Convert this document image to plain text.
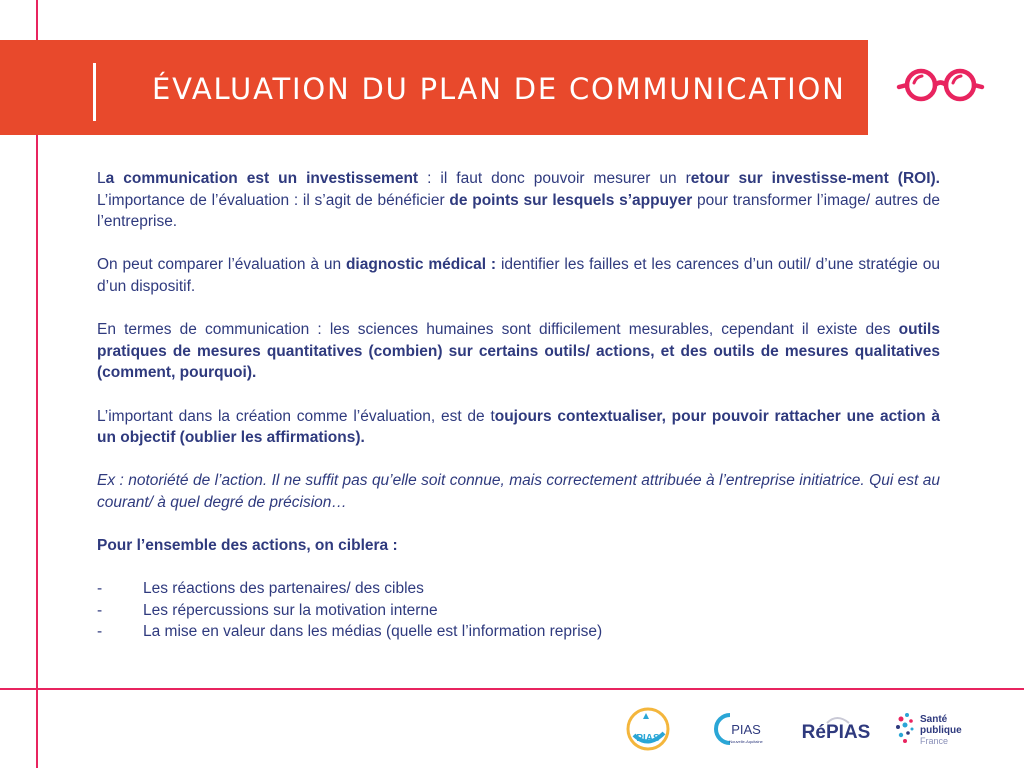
ÉVALUATION DU PLAN DE COMMUNICATION

La communication est un investissement : il faut donc pouvoir mesurer un retour sur investisse-ment (ROI). L’importance de l’évaluation : il s’agit de bénéficier de points sur lesquels s’appuyer pour transformer l’image/ autres de l’entreprise.

On peut comparer l’évaluation à un diagnostic médical : identifier les failles et les carences d’un outil/ d’une stratégie ou d’un dispositif.

En termes de communication : les sciences humaines sont difficilement mesurables, cependant il existe des outils pratiques de mesures quantitatives (combien) sur certains outils/ actions, et des outils de mesures qualitatives (comment, pourquoi).

L’important dans la création comme l’évaluation, est de toujours contextualiser, pour pouvoir rattacher une action à un objectif (oublier les affirmations).

Ex : notoriété de l’action. Il ne suffit pas qu’elle soit connue, mais correctement attribuée à l’entreprise initiatrice. Qui est au courant/ à quel degré de précision…

Pour l’ensemble des actions, on ciblera :

-	Les réactions des partenaires/ des cibles
-	Les répercussions sur la motivation interne
-	La mise en valeur dans les médias (quelle est l’information reprise)
PIAS
PIAS
Nouvelle-Aquitaine RéPIAS
Santé
publique
France
